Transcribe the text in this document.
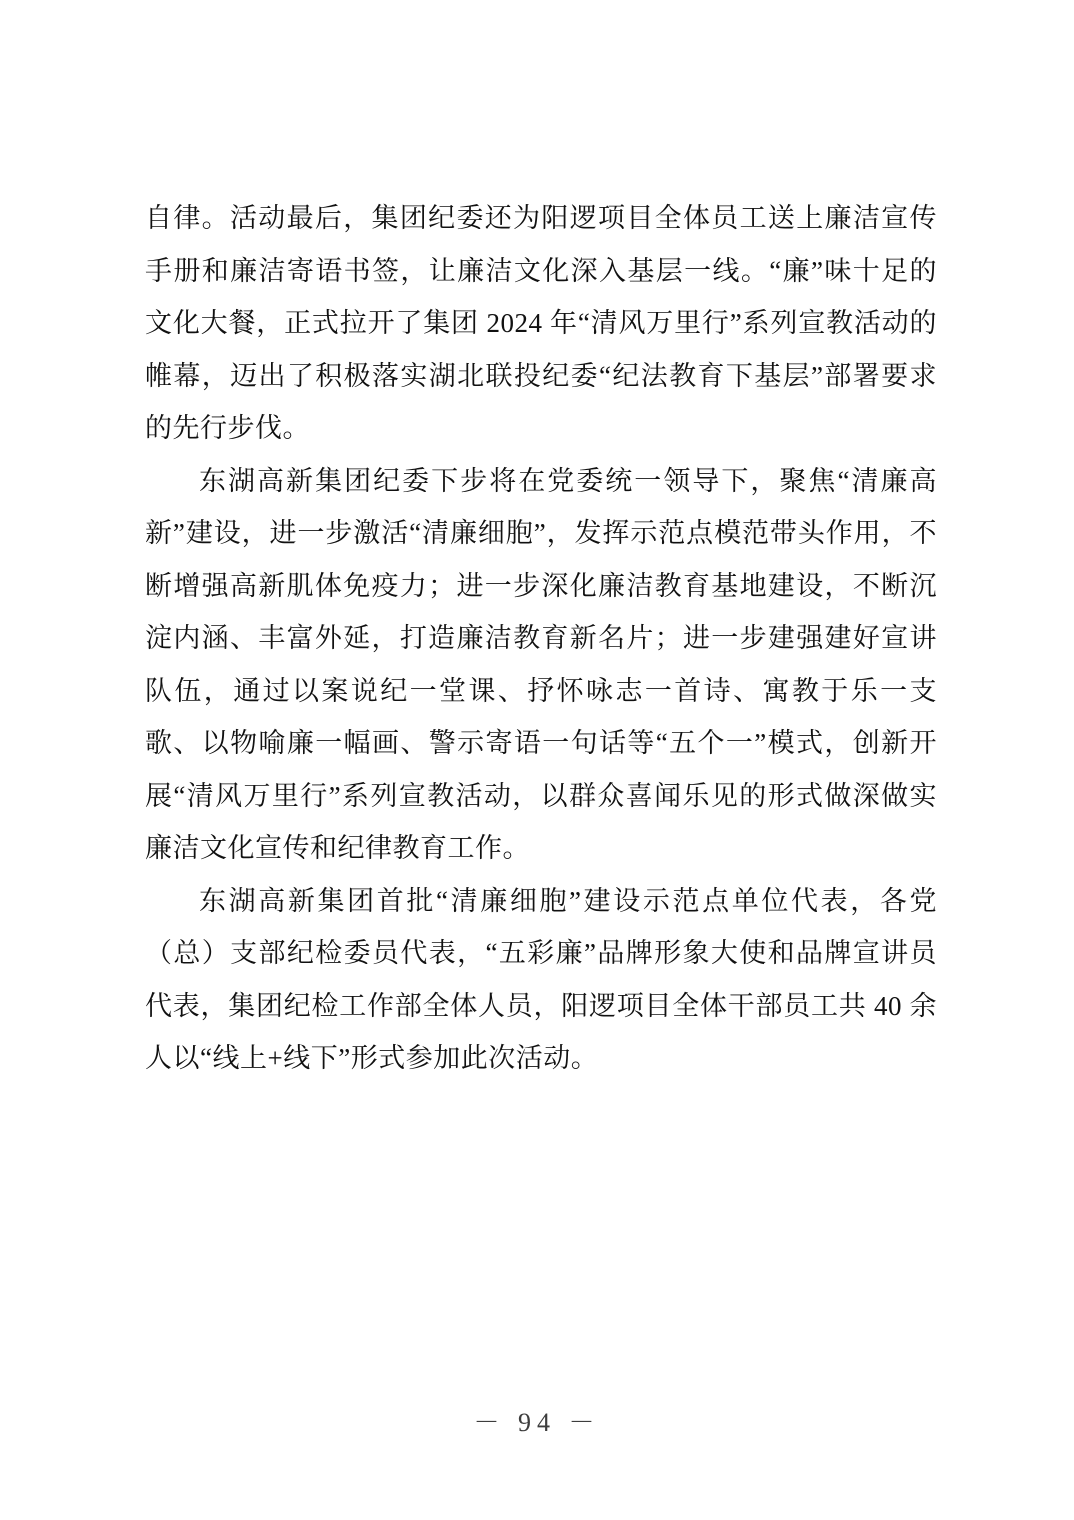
自律。活动最后，集团纪委还为阳逻项目全体员工送上廉洁宣传手册和廉洁寄语书签，让廉洁文化深入基层一线。“廉”味十足的文化大餐，正式拉开了集团 2024 年“清风万里行”系列宣教活动的帷幕，迈出了积极落实湖北联投纪委“纪法教育下基层”部署要求的先行步伐。

东湖高新集团纪委下步将在党委统一领导下，聚焦“清廉高新”建设，进一步激活“清廉细胞”，发挥示范点模范带头作用，不断增强高新肌体免疫力；进一步深化廉洁教育基地建设，不断沉淀内涵、丰富外延，打造廉洁教育新名片；进一步建强建好宣讲队伍，通过以案说纪一堂课、抒怀咏志一首诗、寓教于乐一支歌、以物喻廉一幅画、警示寄语一句话等“五个一”模式，创新开展“清风万里行”系列宣教活动，以群众喜闻乐见的形式做深做实廉洁文化宣传和纪律教育工作。

东湖高新集团首批“清廉细胞”建设示范点单位代表，各党（总）支部纪检委员代表，“五彩廉”品牌形象大使和品牌宣讲员代表，集团纪检工作部全体人员，阳逻项目全体干部员工共 40 余人以“线上+线下”形式参加此次活动。

－ 94 －
